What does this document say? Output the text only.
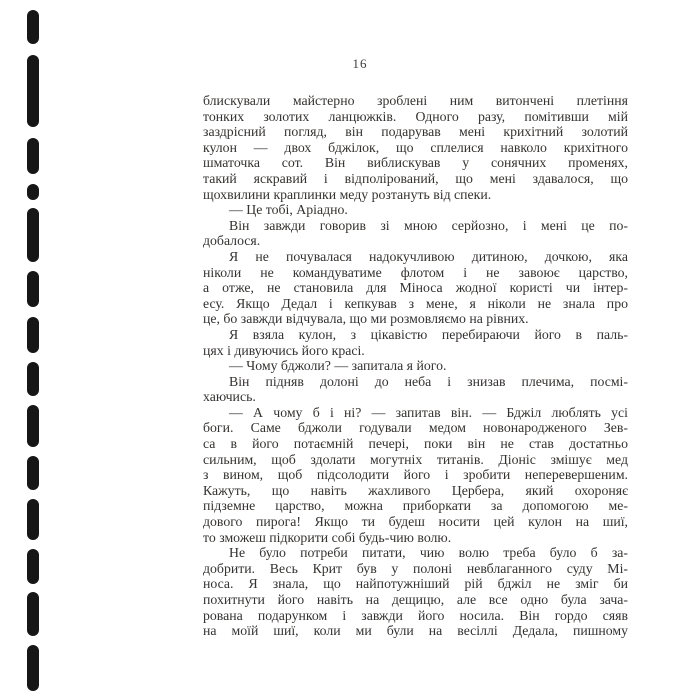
16
блискували майстерно зроблені ним витончені плетіння
тонких золотих ланцюжків. Одного разу, помітивши мій
заздрісний погляд, він подарував мені крихітний золотий
кулон — двох бджілок, що сплелися навколо крихітного
шматочка сот. Він виблискував у сонячних променях,
такий яскравий і відполірований, що мені здавалося, що
щохвилини краплинки меду розтануть від спеки.
— Це тобі, Аріадно.
Він завжди говорив зі мною серйозно, і мені це по-
добалося.
Я не почувалася надокучливою дитиною, дочкою, яка
ніколи не командуватиме флотом і не завоює царство,
а отже, не становила для Міноса жодної користі чи інтер-
есу. Якщо Дедал і кепкував з мене, я ніколи не знала про
це, бо завжди відчувала, що ми розмовляємо на рівних.
Я взяла кулон, з цікавістю перебираючи його в паль-
цях і дивуючись його красі.
— Чому бджоли? — запитала я його.
Він підняв долоні до неба і знизав плечима, посмі-
хаючись.
— А чому б і ні? — запитав він. — Бджіл люблять усі
боги. Саме бджоли годували медом новонародженого Зев-
са в його потаємній печері, поки він не став достатньо
сильним, щоб здолати могутніх титанів. Діоніс змішує мед
з вином, щоб підсолодити його і зробити неперевершеним.
Кажуть, що навіть жахливого Цербера, який охороняє
підземне царство, можна приборкати за допомогою ме-
дового пирога! Якщо ти будеш носити цей кулон на шиї,
то зможеш підкорити собі будь-чию волю.
Не було потреби питати, чию волю треба було б за-
добрити. Весь Крит був у полоні невблаганного суду Мі-
носа. Я знала, що найпотужніший рій бджіл не зміг би
похитнути його навіть на дещицю, але все одно була зача-
рована подарунком і завжди його носила. Він гордо сяяв
на моїй шиї, коли ми були на весіллі Дедала, пишному
